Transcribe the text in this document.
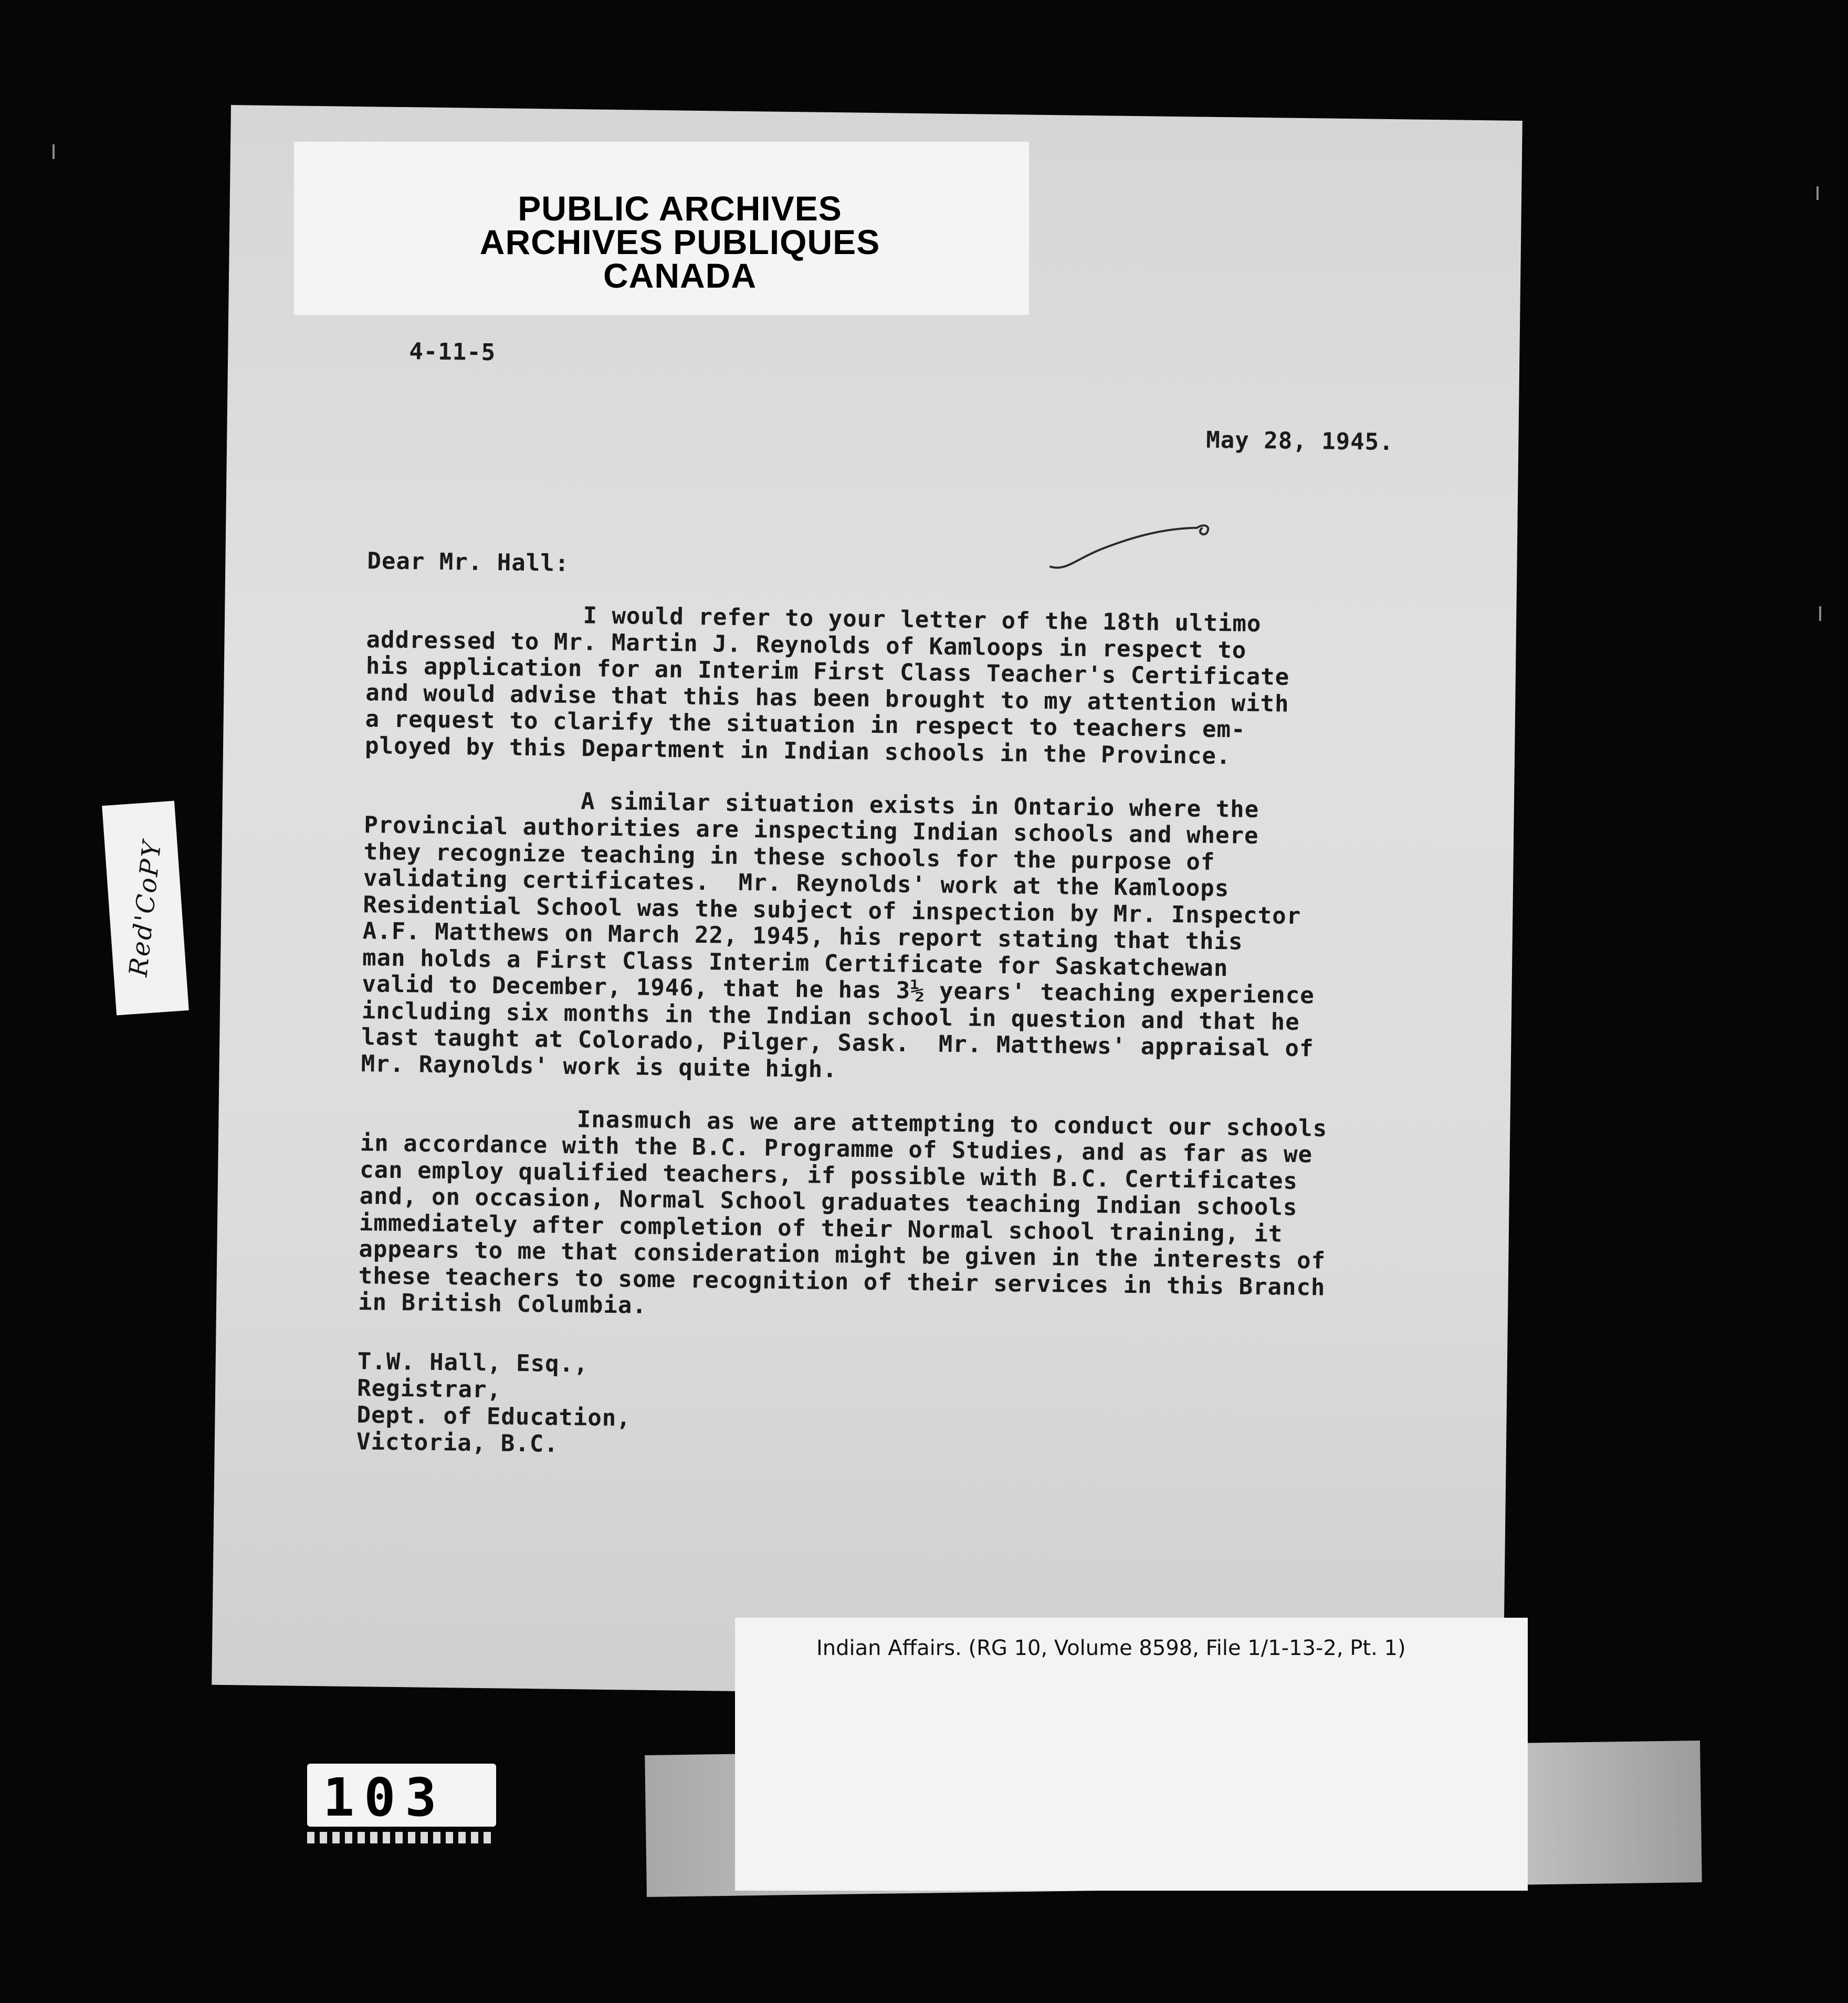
4-11-5

May 28, 1945.

Dear Mr. Hall:

I would refer to your letter of the 18th ultimo
addressed to Mr. Martin J. Reynolds of Kamloops in respect to
his application for an Interim First Class Teacher's Certificate
and would advise that this has been brought to my attention with
a request to clarify the situation in respect to teachers em-
ployed by this Department in Indian schools in the Province.

A similar situation exists in Ontario where the
Provincial authorities are inspecting Indian schools and where
they recognize teaching in these schools for the purpose of
validating certificates.  Mr. Reynolds' work at the Kamloops
Residential School was the subject of inspection by Mr. Inspector
A.F. Matthews on March 22, 1945, his report stating that this
man holds a First Class Interim Certificate for Saskatchewan
valid to December, 1946, that he has 3½ years' teaching experience
including six months in the Indian school in question and that he
last taught at Colorado, Pilger, Sask.  Mr. Matthews' appraisal of
Mr. Raynolds' work is quite high.

Inasmuch as we are attempting to conduct our schools
in accordance with the B.C. Programme of Studies, and as far as we
can employ qualified teachers, if possible with B.C. Certificates
and, on occasion, Normal School graduates teaching Indian schools
immediately after completion of their Normal school training, it
appears to me that consideration might be given in the interests of
these teachers to some recognition of their services in this Branch
in British Columbia.

T.W. Hall, Esq.,
Registrar,
Dept. of Education,
Victoria, B.C.

Red'CoPY

Indian Affairs. (RG 10, Volume 8598, File 1/1-13-2, Pt. 1)

PUBLIC ARCHIVES
ARCHIVES PUBLIQUES
CANADA

103
